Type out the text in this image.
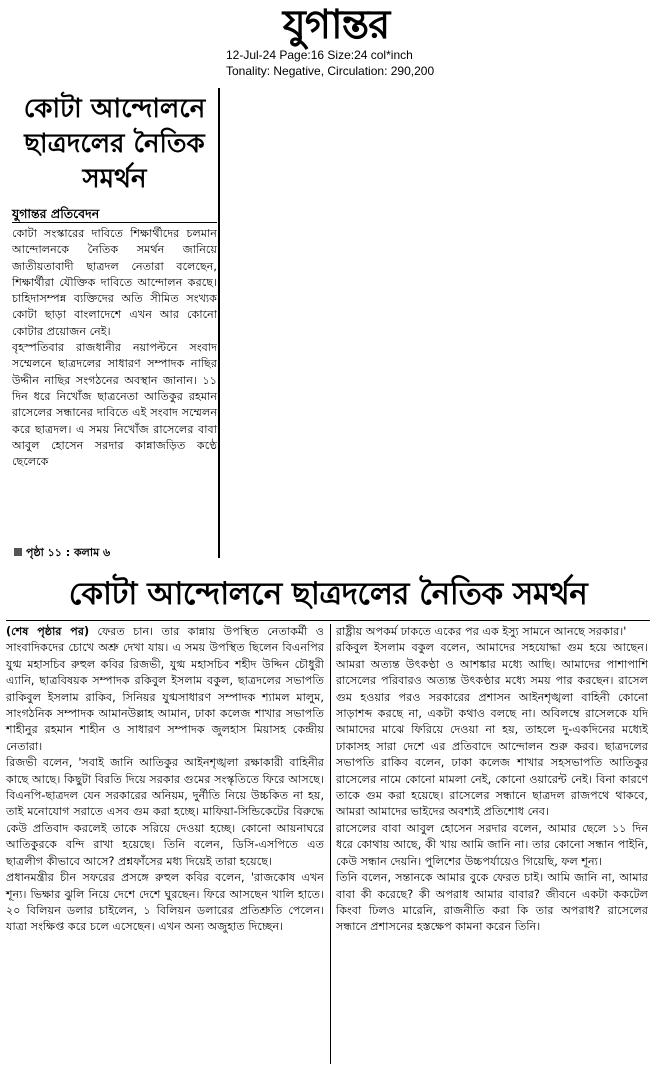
যুগান্তর
12-Jul-24 Page:16 Size:24 col*inch
Tonality: Negative, Circulation: 290,200
কোটা আন্দোলনে ছাত্রদলের নৈতিক সমর্থন
যুগান্তর প্রতিবেদন

কোটা সংস্কারের দাবিতে শিক্ষার্থীদের চলমান আন্দোলনকে নৈতিক সমর্থন জানিয়ে জাতীয়তাবাদী ছাত্রদল নেতারা বলেছেন, শিক্ষার্থীরা যৌক্তিক দাবিতে আন্দোলন করছে। চাহিদাসম্পন্ন ব্যক্তিদের অতি সীমিত সংখ্যক কোটা ছাড়া বাংলাদেশে এখন আর কোনো কোটার প্রয়োজন নেই।

বৃহস্পতিবার রাজধানীর নয়াপল্টনে সংবাদ সম্মেলনে ছাত্রদলের সাধারণ সম্পাদক নাছির উদ্দীন নাছির সংগঠনের অবস্থান জানান। ১১ দিন ধরে নিখোঁজ ছাত্রনেতা আতিকুর রহমান রাসেলের সন্ধানের দাবিতে এই সংবাদ সম্মেলন করে ছাত্রদল। এ সময় নিখোঁজ রাসেলের বাবা আবুল হোসেন সরদার কান্নাজড়িত কণ্ঠে ছেলেকে

পৃষ্ঠা ১১ : কলাম ৬
কোটা আন্দোলনে ছাত্রদলের নৈতিক সমর্থন

(শেষ পৃষ্ঠার পর) ফেরত চান। তার কান্নায় উপস্থিত নেতাকর্মী ও সাংবাদিকদের চোখে অশ্রু দেখা যায়। এ সময় উপস্থিত ছিলেন বিএনপির যুগ্ম মহাসচিব রুহুল কবির রিজভী, যুগ্ম মহাসচিব শহীদ উদ্দিন চৌধুরী এ্যানি, ছাত্রবিষয়ক সম্পাদক রকিবুল ইসলাম বকুল, ছাত্রদলের সভাপতি রাকিবুল ইসলাম রাকিব, সিনিয়র যুগ্মসাধারণ সম্পাদক শ্যামল মালুম, সাংগঠনিক সম্পাদক আমানউল্লাহ আমান, ঢাকা কলেজ শাখার সভাপতি শাহীনুর রহমান শাহীন ও সাধারণ সম্পাদক জুলহাস মিয়াসহ কেন্দ্রীয় নেতারা।

রিজভী বলেন, 'সবাই জানি আতিকুর আইনশৃঙ্খলা রক্ষাকারী বাহিনীর কাছে আছে। কিছুটা বিরতি দিয়ে সরকার গুমের সংস্কৃতিতে ফিরে আসছে। বিএনপি-ছাত্রদল যেন সরকারের অনিয়ম, দুর্নীতি নিয়ে উচ্চকিত না হয়, তাই মনোযোগ সরাতে এসব গুম করা হচ্ছে। মাফিয়া-সিন্ডিকেটের বিরুদ্ধে কেউ প্রতিবাদ করলেই তাকে সরিয়ে দেওয়া হচ্ছে। কোনো আয়নাঘরে আতিকুরকে বন্দি রাখা হয়েছে। তিনি বলেন, ডিসি-এসপিতে এত ছাত্রলীগ কীভাবে আসে? প্রশ্নফাঁসের মধ্য দিয়েই তারা হয়েছে।

প্রধানমন্ত্রীর চীন সফরের প্রসঙ্গে রুহুল কবির বলেন, 'রাজকোষ এখন শূন্য। ভিক্ষার ঝুলি নিয়ে দেশে দেশে ঘুরছেন। ফিরে আসছেন খালি হাতে। ২০ বিলিয়ন ডলার চাইলেন, ১ বিলিয়ন ডলারের প্রতিশ্রুতি পেলেন। যাত্রা সংক্ষিপ্ত করে চলে এসেছেন। এখন অন্য অজুহাত দিচ্ছেন।

রাষ্ট্রীয় অপকর্ম ঢাকতে একের পর এক ইস্যু সামনে আনছে সরকার।'

রকিবুল ইসলাম বকুল বলেন, আমাদের সহযোদ্ধা গুম হয়ে আছেন। আমরা অত্যন্ত উৎকণ্ঠা ও আশঙ্কার মধ্যে আছি। আমাদের পাশাপাশি রাসেলের পরিবারও অত্যন্ত উৎকণ্ঠার মধ্যে সময় পার করছেন। রাসেল গুম হওয়ার পরও সরকারের প্রশাসন আইনশৃঙ্খলা বাহিনী কোনো সাড়াশব্দ করছে না, একটা কথাও বলছে না। অবিলম্বে রাসেলকে যদি আমাদের মাঝে ফিরিয়ে দেওয়া না হয়, তাহলে দু-একদিনের মধ্যেই ঢাকাসহ সারা দেশে এর প্রতিবাদে আন্দোলন শুরু করব। ছাত্রদলের সভাপতি রাকিব বলেন, ঢাকা কলেজ শাখার সহসভাপতি আতিকুর রাসেলের নামে কোনো মামলা নেই, কোনো ওয়ারেন্ট নেই। বিনা কারণে তাকে গুম করা হয়েছে। রাসেলের সন্ধানে ছাত্রদল রাজপথে থাকবে, আমরা আমাদের ভাইদের অবশ্যই প্রতিশোধ নেব।

রাসেলের বাবা আবুল হোসেন সরদার বলেন, আমার ছেলে ১১ দিন ধরে কোথায় আছে, কী খায় আমি জানি না। তার কোনো সন্ধান পাইনি, কেউ সন্ধান দেয়নি। পুলিশের উচ্চপর্যায়েও গিয়েছি, ফল শূন্য।

তিনি বলেন, সন্তানকে আমার বুকে ফেরত চাই। আমি জানি না, আমার বাবা কী করেছে? কী অপরাধ আমার বাবার? জীবনে একটা ককটেল কিংবা ঢিলও মারেনি, রাজনীতি করা কি তার অপরাধ? রাসেলের সন্ধানে প্রশাসনের হস্তক্ষেপ কামনা করেন তিনি।
